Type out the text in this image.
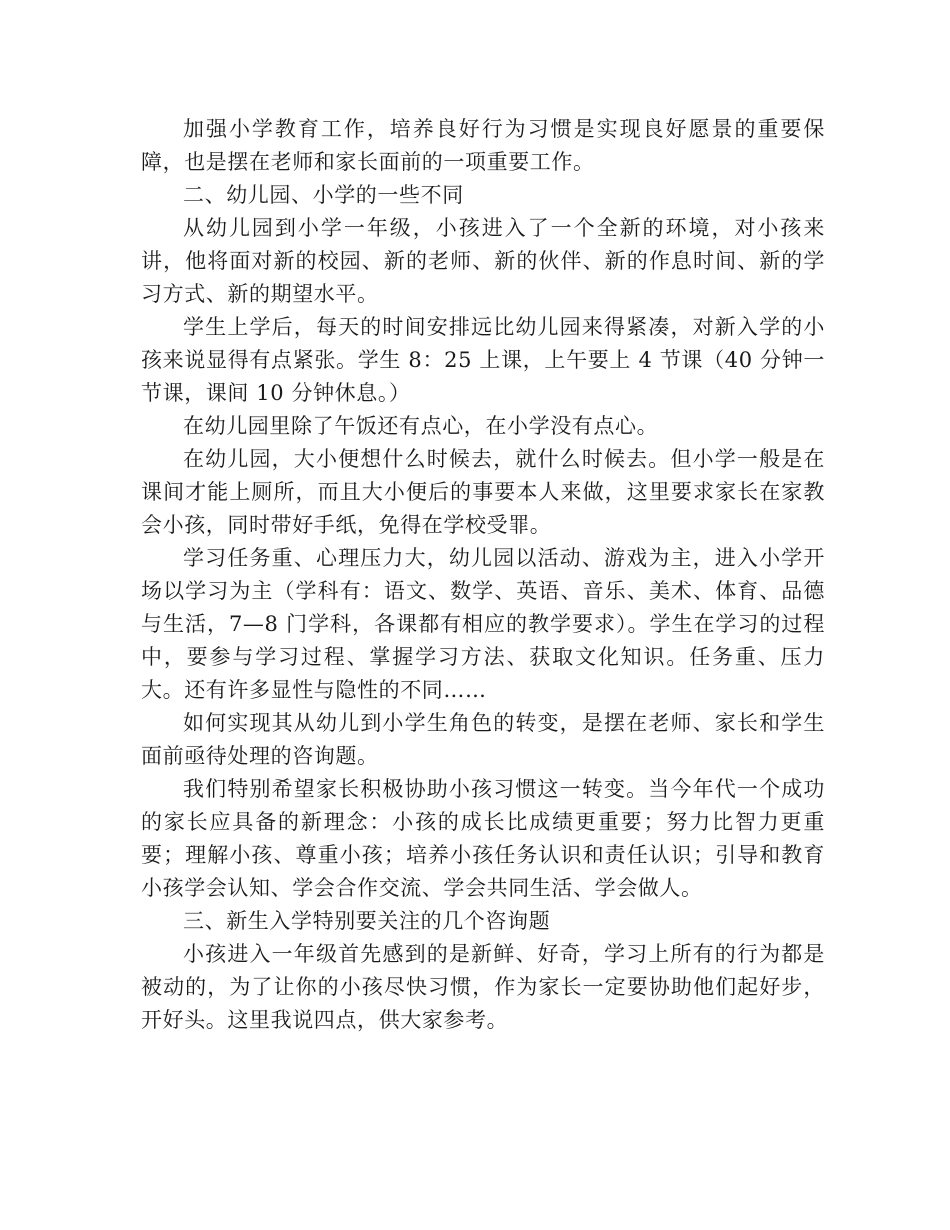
加强小学教育工作，培养良好行为习惯是实现良好愿景的重要保障，也是摆在老师和家长面前的一项重要工作。

二、幼儿园、小学的一些不同

从幼儿园到小学一年级，小孩进入了一个全新的环境，对小孩来讲，他将面对新的校园、新的老师、新的伙伴、新的作息时间、新的学习方式、新的期望水平。

学生上学后，每天的时间安排远比幼儿园来得紧凑，对新入学的小孩来说显得有点紧张。学生 8：25 上课，上午要上 4 节课（40 分钟一节课，课间 10 分钟休息。）

在幼儿园里除了午饭还有点心，在小学没有点心。

在幼儿园，大小便想什么时候去，就什么时候去。但小学一般是在课间才能上厕所，而且大小便后的事要本人来做，这里要求家长在家教会小孩，同时带好手纸，免得在学校受罪。

学习任务重、心理压力大，幼儿园以活动、游戏为主，进入小学开场以学习为主（学科有：语文、数学、英语、音乐、美术、体育、品德与生活，7—8 门学科，各课都有相应的教学要求）。学生在学习的过程中，要参与学习过程、掌握学习方法、获取文化知识。任务重、压力大。还有许多显性与隐性的不同……

如何实现其从幼儿到小学生角色的转变，是摆在老师、家长和学生面前亟待处理的咨询题。

我们特别希望家长积极协助小孩习惯这一转变。当今年代一个成功的家长应具备的新理念：小孩的成长比成绩更重要；努力比智力更重要；理解小孩、尊重小孩；培养小孩任务认识和责任认识；引导和教育小孩学会认知、学会合作交流、学会共同生活、学会做人。

三、新生入学特别要关注的几个咨询题

小孩进入一年级首先感到的是新鲜、好奇，学习上所有的行为都是被动的，为了让你的小孩尽快习惯，作为家长一定要协助他们起好步，开好头。这里我说四点，供大家参考。
